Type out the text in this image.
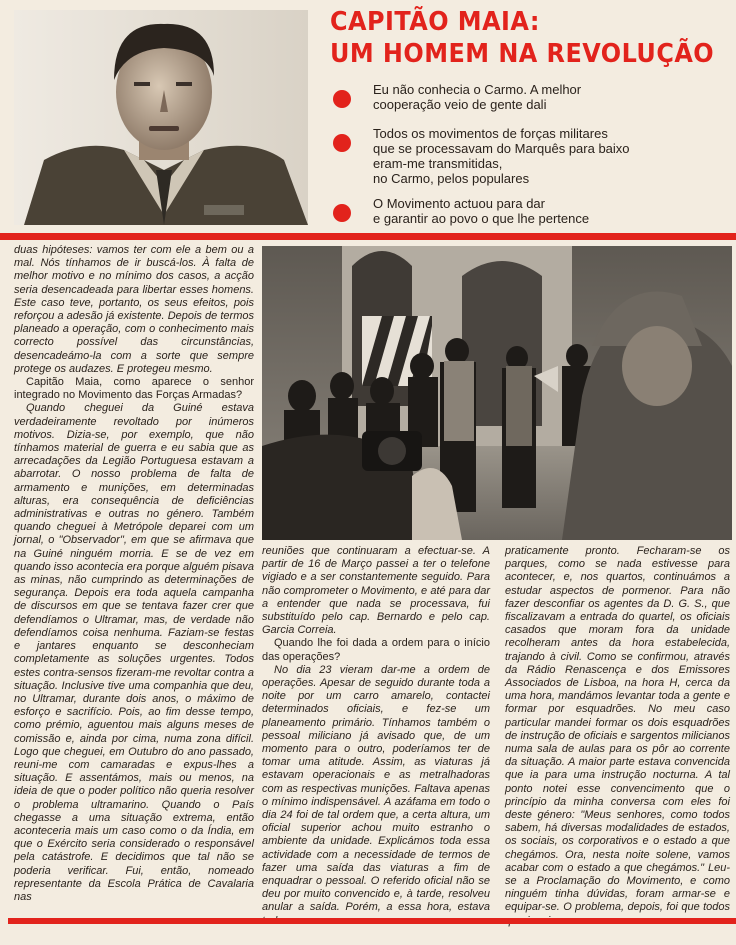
CAPITÃO MAIA:
UM HOMEM NA REVOLUÇÃO
Eu não conhecia o Carmo. A melhor
cooperação veio de gente dali
Todos os movimentos de forças militares
que se processavam do Marquês para baixo
eram-me transmitidas,
no Carmo, pelos populares
O Movimento actuou para dar
e garantir ao povo o que lhe pertence

duas hipóteses: vamos ter com ele a bem ou a mal. Nós tínhamos de ir buscá-los. À falta de melhor motivo e no mínimo dos casos, a acção seria desencadeada para libertar esses homens. Este caso teve, portanto, os seus efeitos, pois reforçou a adesão já existente. Depois de termos planeado a operação, com o conhecimento mais correcto possível das circunstâncias, desencadeámo-la com a sorte que sempre protege os audazes. E protegeu mesmo.

Capitão Maia, como aparece o senhor integrado no Movimento das Forças Armadas?

Quando cheguei da Guiné estava verdadeiramente revoltado por inúmeros motivos. Dizia-se, por exemplo, que não tínhamos material de guerra e eu sabia que as arrecadações da Legião Portuguesa estavam a abarrotar. O nosso problema de falta de armamento e munições, em determinadas alturas, era consequência de deficiências administrativas e outras no género. Também quando cheguei à Metrópole deparei com um jornal, o "Observador", em que se afirmava que na Guiné ninguém morria. E se de vez em quando isso acontecia era porque alguém pisava as minas, não cumprindo as determinações de segurança. Depois era toda aquela campanha de discursos em que se tentava fazer crer que defendíamos o Ultramar, mas, de verdade não defendíamos coisa nenhuma. Faziam-se festas e jantares enquanto se desconheciam completamente as soluções urgentes. Todos estes contra-sensos fizeram-me revoltar contra a situação. Inclusive tive uma companhia que deu, no Ultramar, durante dois anos, o máximo de esforço e sacrifício. Pois, ao fim desse tempo, como prémio, aguentou mais alguns meses de comissão e, ainda por cima, numa zona difícil. Logo que cheguei, em Outubro do ano passado, reuni-me com camaradas e expus-lhes a situação. E assentámos, mais ou menos, na ideia de que o poder político não queria resolver o problema ultramarino. Quando o País chegasse a uma situação extrema, então aconteceria mais um caso como o da Índia, em que o Exército seria considerado o responsável pela catástrofe. E decidimos que tal não se poderia verificar. Fui, então, nomeado representante da Escola Prática de Cavalaria nas

reuniões que continuaram a efectuar-se. A partir de 16 de Março passei a ter o telefone vigiado e a ser constantemente seguido. Para não comprometer o Movimento, e até para dar a entender que nada se processava, fui substituído pelo cap. Bernardo e pelo cap. Garcia Correia.

Quando lhe foi dada a ordem para o início das operações?

No dia 23 vieram dar-me a ordem de operações. Apesar de seguido durante toda a noite por um carro amarelo, contactei determinados oficiais, e fez-se um planeamento primário. Tínhamos também o pessoal miliciano já avisado que, de um momento para o outro, poderíamos ter de tomar uma atitude. Assim, as viaturas já estavam operacionais e as metralhadoras com as respectivas munições. Faltava apenas o mínimo indispensável. A azáfama em todo o dia 24 foi de tal ordem que, a certa altura, um oficial superior achou muito estranho o ambiente da unidade. Explicámos toda essa actividade com a necessidade de termos de fazer uma saída das viaturas a fim de enquadrar o pessoal. O referido oficial não se deu por muito convencido e, à tarde, resolveu anular a saída. Porém, a essa hora, estava

praticamente pronto. Fecharam-se os parques, como se nada estivesse para acontecer, e, nos quartos, continuámos a estudar aspectos de pormenor. Para não fazer desconfiar os agentes da D. G. S., que fiscalizavam a entrada do quartel, os oficiais casados que moram fora da unidade recolheram antes da hora estabelecida, trajando à civil. Como se confirmou, através da Rádio Renascença e dos Emissores Associados de Lisboa, na hora H, cerca da uma hora, mandámos levantar toda a gente e formar por esquadrões. No meu caso particular mandei formar os dois esquadrões de instrução de oficiais e sargentos milicianos numa sala de aulas para os pôr ao corrente da situação. A maior parte estava convencida que ia para uma instrução nocturna. A tal ponto notei esse convencimento que o princípio da minha conversa com eles foi deste género: "Meus senhores, como todos sabem, há diversas modalidades de estados, os sociais, os corporativos e o estado a que chegámos. Ora, nesta noite solene, vamos acabar com o estado a que chegámos." Leu-se a Proclamação do Movimento, e como ninguém tinha dúvidas, foram armar-se e equipar-se. O problema, depois, foi que todos
